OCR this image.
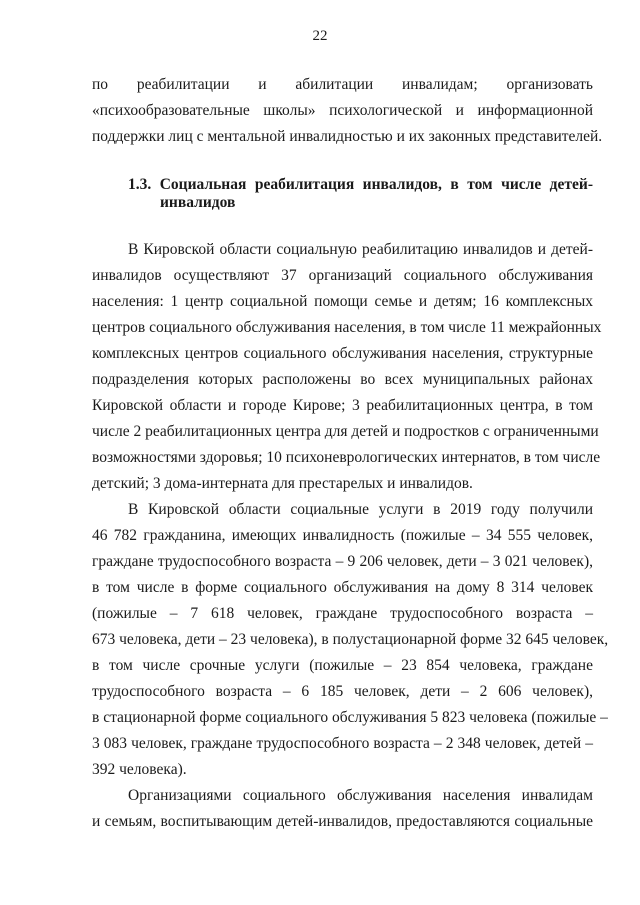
22
по реабилитации и абилитации инвалидам; организовать
«психообразовательные школы» психологической и информационной
поддержки лиц с ментальной инвалидностью и их законных представителей.
1.3. Социальная реабилитация инвалидов, в том числе детей-
инвалидов
В Кировской области социальную реабилитацию инвалидов и детей-
инвалидов осуществляют 37 организаций социального обслуживания
населения: 1 центр социальной помощи семье и детям; 16 комплексных
центров социального обслуживания населения, в том числе 11 межрайонных
комплексных центров социального обслуживания населения, структурные
подразделения которых расположены во всех муниципальных районах
Кировской области и городе Кирове; 3 реабилитационных центра, в том
числе 2 реабилитационных центра для детей и подростков с ограниченными
возможностями здоровья; 10 психоневрологических интернатов, в том числе
детский; 3 дома-интерната для престарелых и инвалидов.
В Кировской области социальные услуги в 2019 году получили
46 782 гражданина, имеющих инвалидность (пожилые – 34 555 человек,
граждане трудоспособного возраста – 9 206 человек, дети – 3 021 человек),
в том числе в форме социального обслуживания на дому 8 314 человек
(пожилые – 7 618 человек, граждане трудоспособного возраста –
673 человека, дети – 23 человека), в полустационарной форме 32 645 человек,
в том числе срочные услуги (пожилые – 23 854 человека, граждане
трудоспособного возраста – 6 185 человек, дети – 2 606 человек),
в стационарной форме социального обслуживания 5 823 человека (пожилые –
3 083 человек, граждане трудоспособного возраста – 2 348 человек, детей –
392 человека).
Организациями социального обслуживания населения инвалидам
и семьям, воспитывающим детей-инвалидов, предоставляются социальные
